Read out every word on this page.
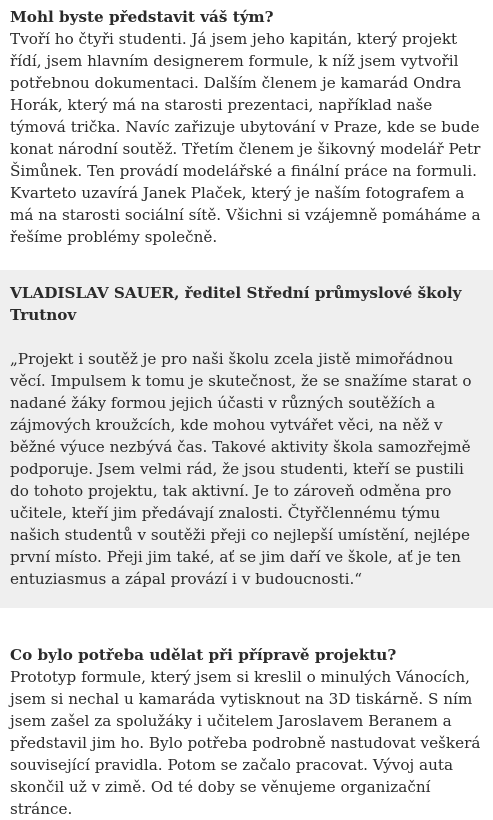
Mohl byste představit váš tým?

Tvoří ho čtyři studenti. Já jsem jeho kapitán, který projekt řídí, jsem hlavním designerem formule, k níž jsem vytvořil potřebnou dokumentaci. Dalším členem je kamarád Ondra Horák, který má na starosti prezentaci, například naše týmová trička. Navíc zařizuje ubytování v Praze, kde se bude konat národní soutěž. Třetím členem je šikovný modelář Petr Šimůnek. Ten provádí modelářské a finální práce na formuli. Kvarteto uzavírá Janek Plaček, který je naším fotografem a má na starosti sociální sítě. Všichni si vzájemně pomáháme a řešíme problémy společně.

VLADISLAV SAUER, ředitel Střední průmyslové školy Trutnov

„Projekt i soutěž je pro naši školu zcela jistě mimořádnou věcí. Impulsem k tomu je skutečnost, že se snažíme starat o nadané žáky formou jejich účasti v různých soutěžích a zájmových kroužcích, kde mohou vytvářet věci, na něž v běžné výuce nezbývá čas. Takové aktivity škola samozřejmě podporuje. Jsem velmi rád, že jsou studenti, kteří se pustili do tohoto projektu, tak aktivní. Je to zároveň odměna pro učitele, kteří jim předávají znalosti. Čtyřčlennému týmu našich studentů v soutěži přeji co nejlepší umístění, nejlépe první místo. Přeji jim také, ať se jim daří ve škole, ať je ten entuziasmus a zápal provází i v budoucnosti.“

Co bylo potřeba udělat při přípravě projektu?

Prototyp formule, který jsem si kreslil o minulých Vánocích, jsem si nechal u kamaráda vytisknout na 3D tiskárně. S ním jsem zašel za spolužáky i učitelem Jaroslavem Beranem a představil jim ho. Bylo potřeba podrobně nastudovat veškerá související pravidla. Potom se začalo pracovat. Vývoj auta skončil už v zimě. Od té doby se věnujeme organizační stránce.
